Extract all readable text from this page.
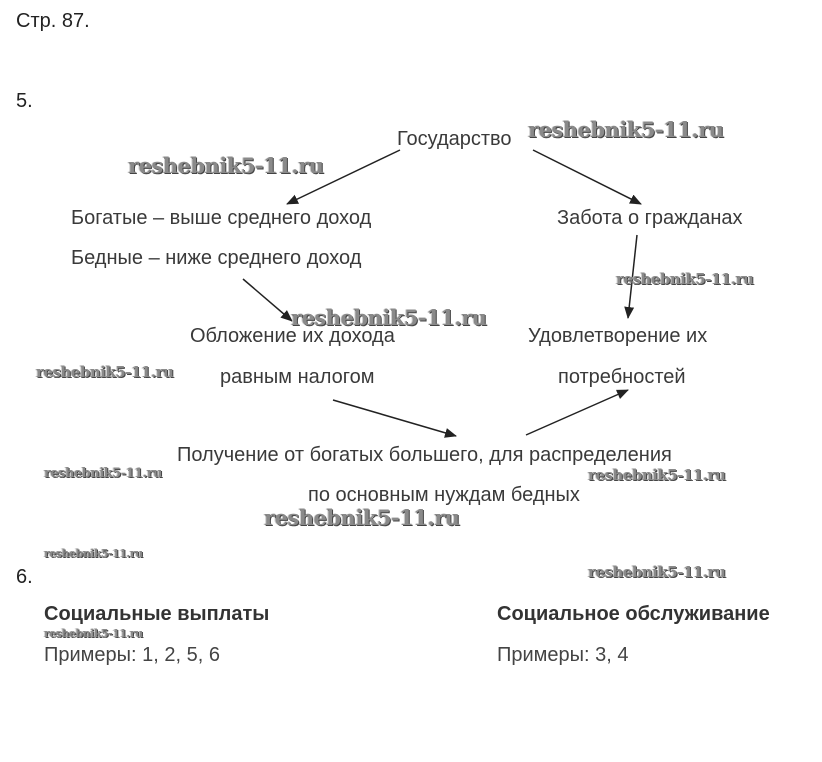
Стр. 87.
5.
Государство
Богатые – выше среднего доход
Бедные – ниже среднего доход
Забота о гражданах
Обложение их дохода
равным налогом
Удовлетворение их
потребностей
Получение от богатых большего, для распределения
по основным нуждам бедных
6.
Социальные выплаты
Примеры: 1, 2, 5, 6
Социальное обслуживание
Примеры: 3, 4
reshebnik5-11.ru
reshebnik5-11.ru
reshebnik5-11.ru
reshebnik5-11.ru
reshebnik5-11.ru
reshebnik5-11.ru	reshebnik5-11.ru
reshebnik5-11.ru
reshebnik5-11.ru
reshebnik5-11.ru
reshebnik5-11.ru
